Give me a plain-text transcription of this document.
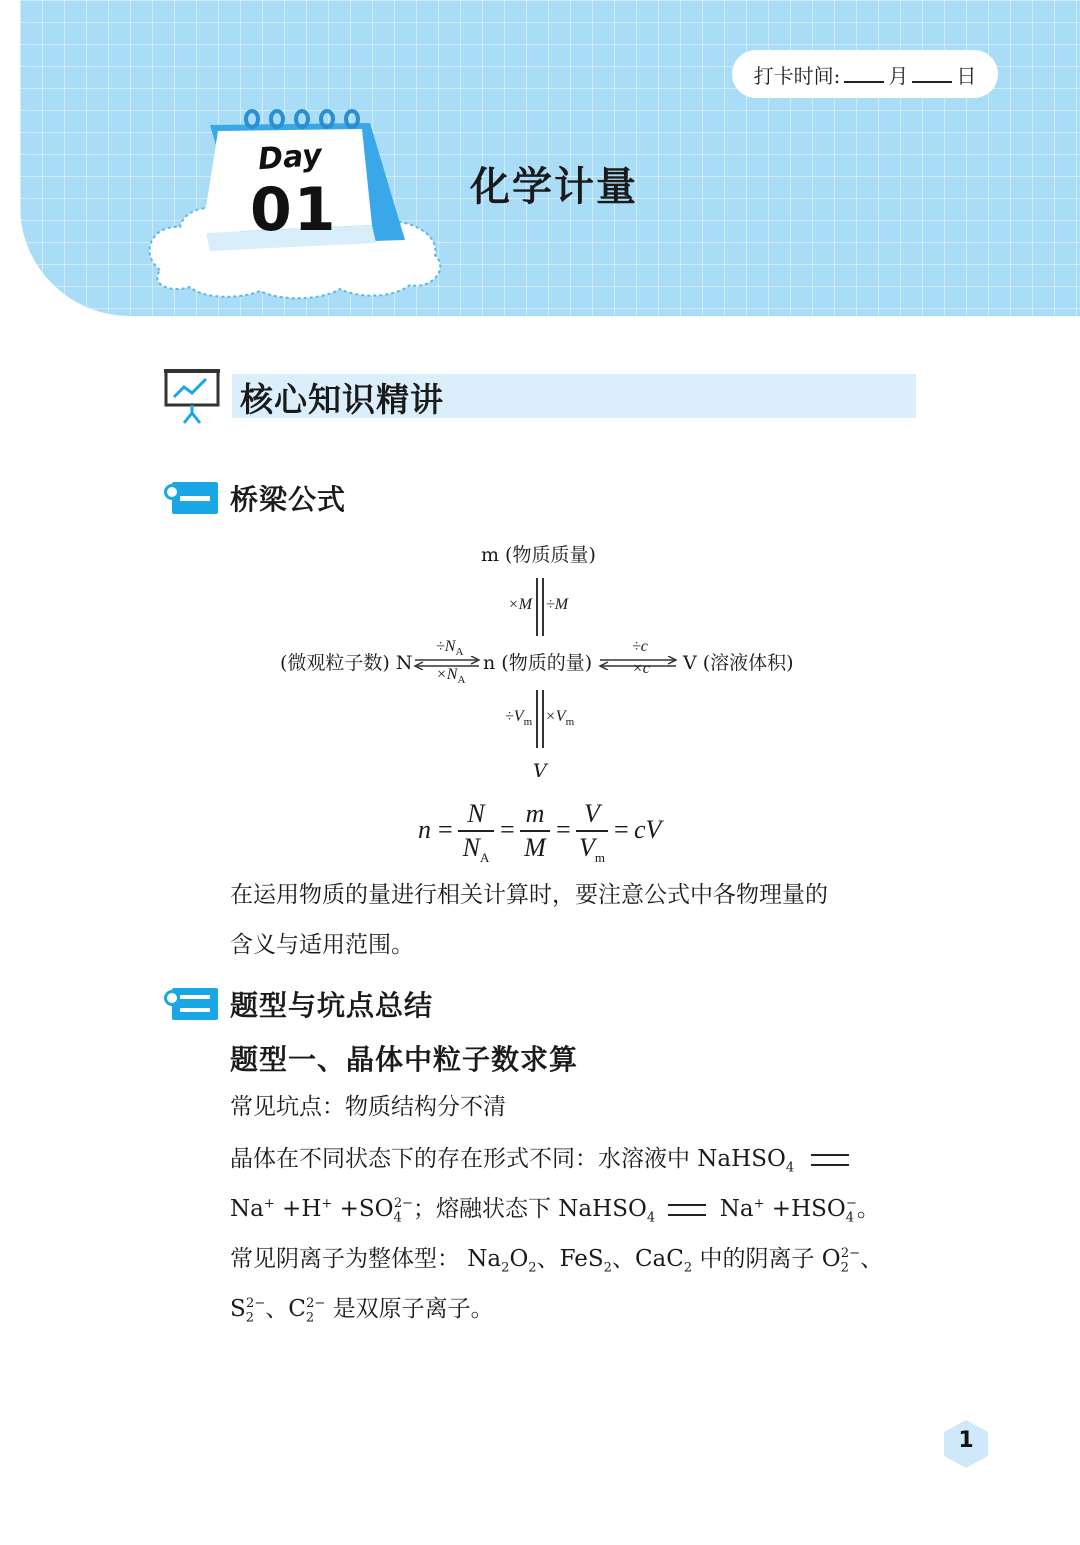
打卡时间: 月 日
Day
01	化学计量
核心知识精讲
桥梁公式
m (物质质量)
×M ÷M
(微观粒子数) N
$\div N_A$
$\times N_A$
n (物质的量)
÷c
×c V (溶液体积)
$\div V_m \times V_m$
V
n =
N
$N_A$
=
m
M
=
V
$V_m$
= cV
在运用物质的量进行相关计算时，要注意公式中各物理量的
含义与适用范围。
题型与坑点总结
题型一、晶体中粒子数求算
常见坑点：物质结构分不清
晶体在不同状态下的存在形式不同：水溶液中 NaHSO$_4$
$Na^+ +H^+ +SO_4^{2-}$；熔融状态下 NaHSO$_4$	$Na^+ +HSO_4^-$。
常见阴离子为整体型： $Na_2O_2$、FeS$_2$、CaC$_2$ 中的阴离子 $O_2^{2-}$、
$S_2^{2-}$、$C_2^{2-}$ 是双原子离子。
1
